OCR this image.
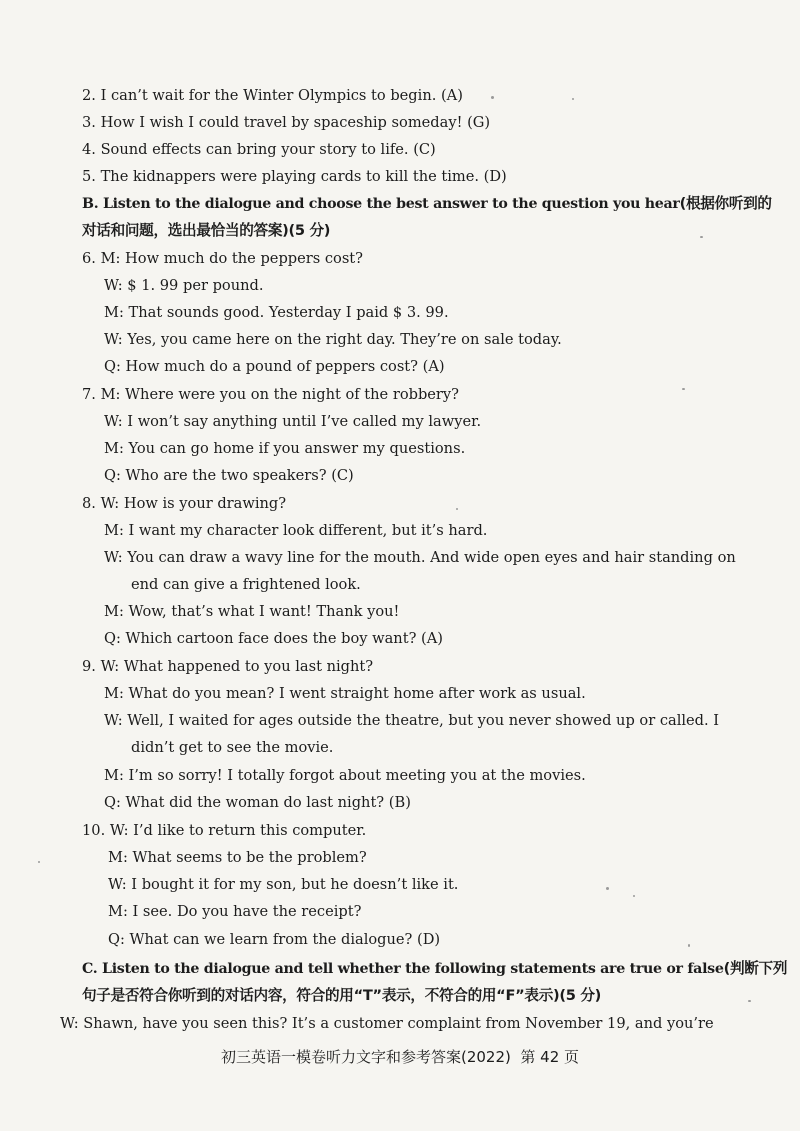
2. I can’t wait for the Winter Olympics to begin. (A)
3. How I wish I could travel by spaceship someday! (G)
4. Sound effects can bring your story to life. (C)
5. The kidnappers were playing cards to kill the time. (D)
B. Listen to the dialogue and choose the best answer to the question you hear(根据你听到的
对话和问题，选出最恰当的答案)(5 分)
6. M: How much do the peppers cost?
W: $ 1. 99 per pound.
M: That sounds good. Yesterday I paid $ 3. 99.
W: Yes, you came here on the right day. They’re on sale today.
Q: How much do a pound of peppers cost? (A)
7. M: Where were you on the night of the robbery?
W: I won’t say anything until I’ve called my lawyer.
M: You can go home if you answer my questions.
Q: Who are the two speakers? (C)
8. W: How is your drawing?
M: I want my character look different, but it’s hard.
W: You can draw a wavy line for the mouth. And wide open eyes and hair standing on
end can give a frightened look.
M: Wow, that’s what I want! Thank you!
Q: Which cartoon face does the boy want? (A)
9. W: What happened to you last night?
M: What do you mean? I went straight home after work as usual.
W: Well, I waited for ages outside the theatre, but you never showed up or called. I
didn’t get to see the movie.
M: I’m so sorry! I totally forgot about meeting you at the movies.
Q: What did the woman do last night? (B)
10. W: I’d like to return this computer.
M: What seems to be the problem?
W: I bought it for my son, but he doesn’t like it.
M: I see. Do you have the receipt?
Q: What can we learn from the dialogue? (D)
C. Listen to the dialogue and tell whether the following statements are true or false(判断下列
句子是否符合你听到的对话内容，符合的用“T”表示，不符合的用“F”表示)(5 分)
W: Shawn, have you seen this? It’s a customer complaint from November 19, and you’re
初三英语一模卷听力文字和参考答案(2022) 第 42 页
